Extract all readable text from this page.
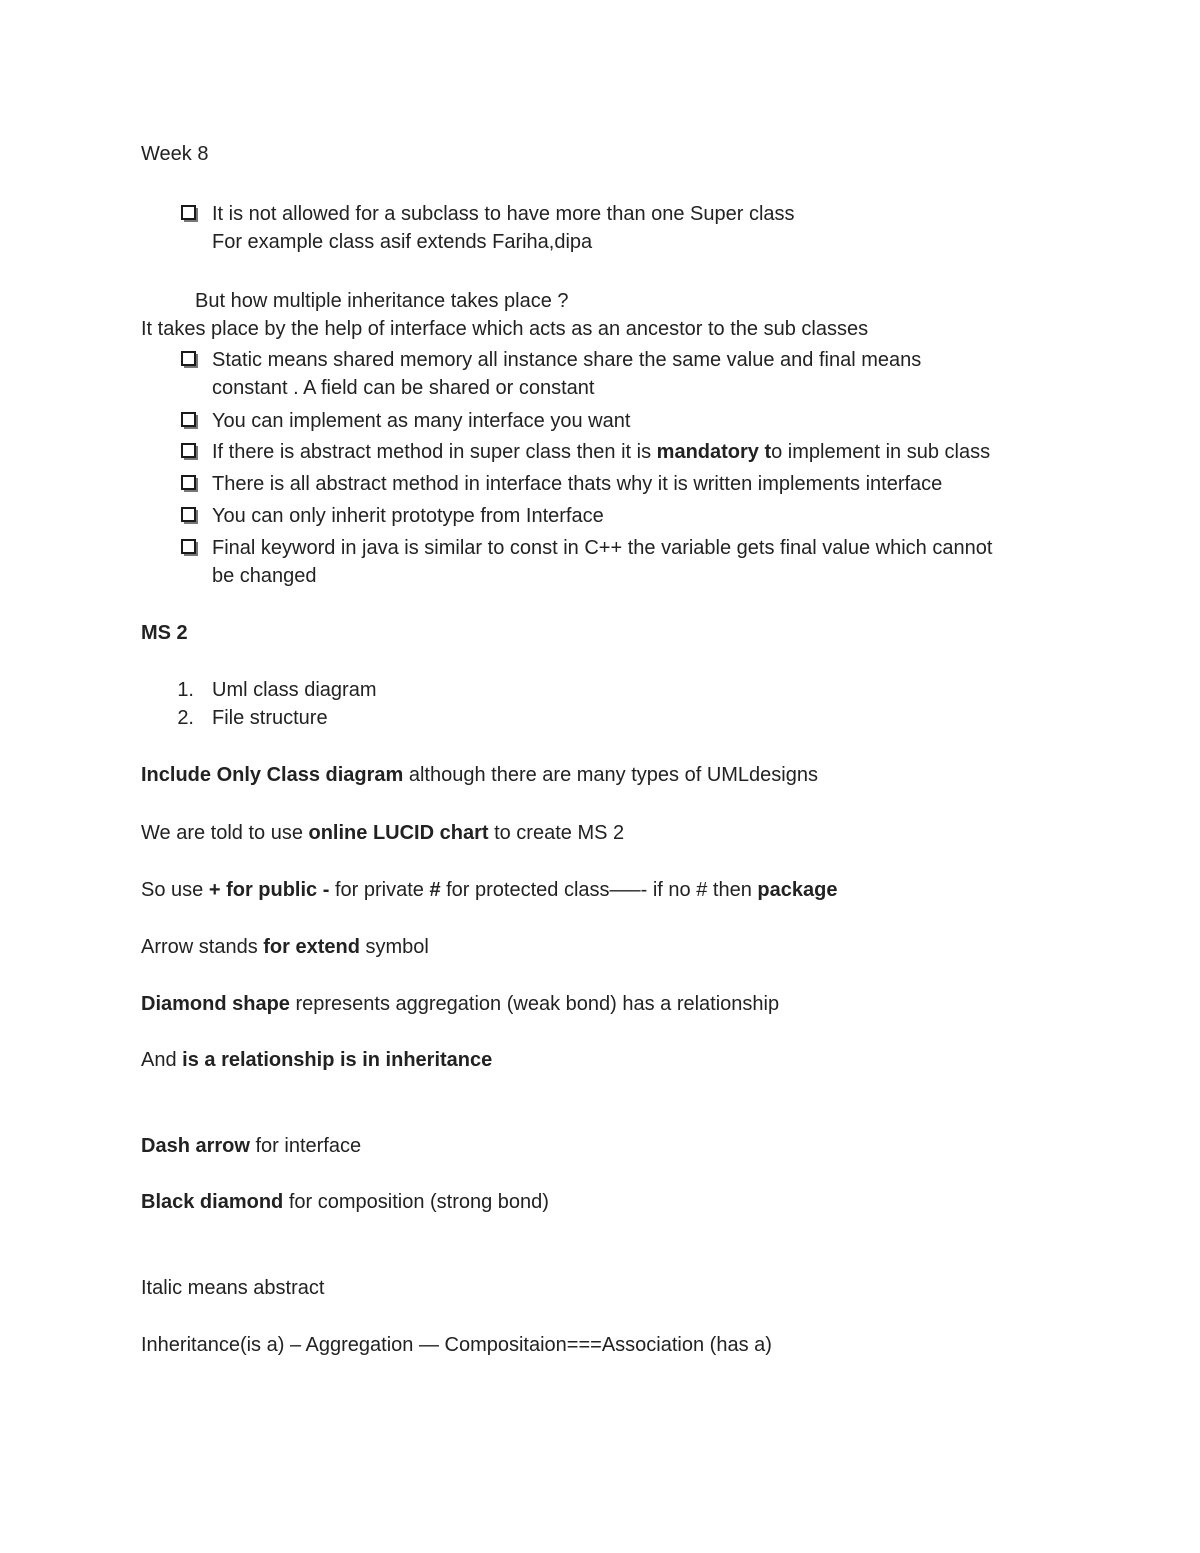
Week 8
It is not allowed for a subclass to have more than one Super class
For example class asif extends Fariha,dipa
But how multiple inheritance takes place ?
It takes place by the help of interface which acts as an ancestor to the sub classes
Static means shared memory all instance share the same value and final means
constant . A field can be shared or constant
You can implement as many interface you want
If there is abstract method in super class then it is mandatory to implement in sub class
There is all abstract method in interface thats why it is written implements interface
You can only inherit prototype from Interface
Final keyword in java is similar to const in C++ the variable gets final value which cannot
be changed
MS 2
1. Uml class diagram
2. File structure
Include Only Class diagram although there are many types of UMLdesigns
We are told to use online LUCID chart to create MS 2
So use + for public - for private # for protected class—–- if no # then package
Arrow stands for extend symbol
Diamond shape represents aggregation (weak bond) has a relationship
And is a relationship is in inheritance
Dash arrow for interface
Black diamond for composition (strong bond)
Italic means abstract
Inheritance(is a) – Aggregation — Compositaion===Association (has a)
